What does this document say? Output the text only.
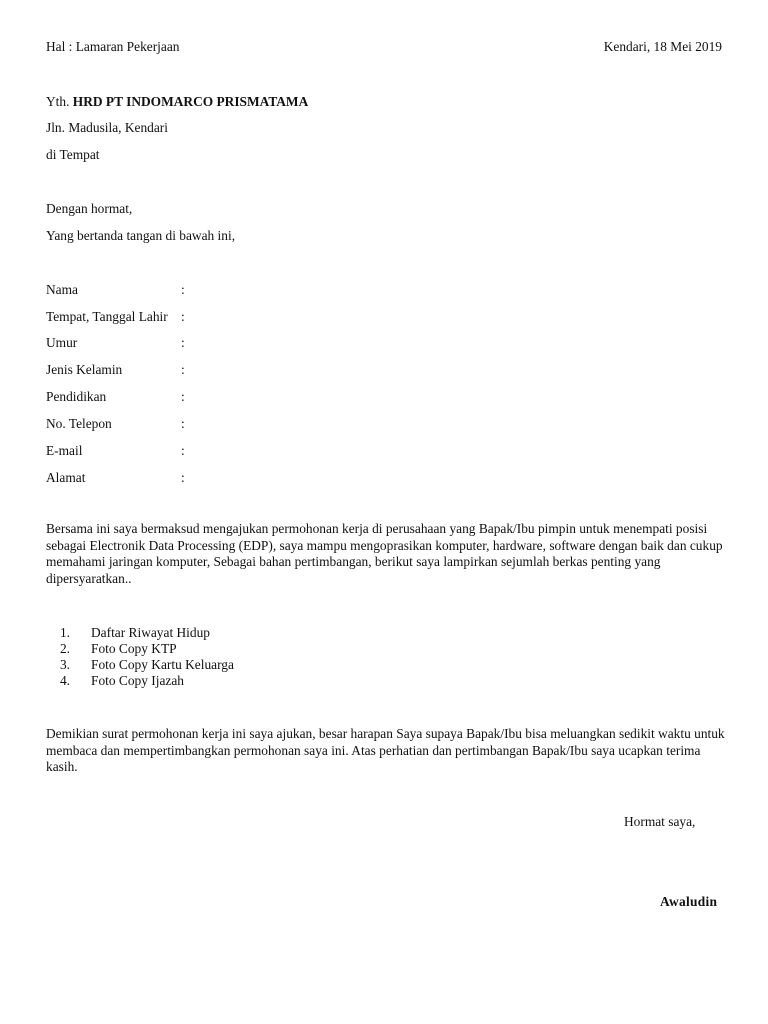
Hal : Lamaran Pekerjaan	Kendari, 18 Mei 2019
Yth. HRD PT INDOMARCO PRISMATAMA
Jln. Madusila, Kendari
di Tempat
Dengan hormat,
Yang bertanda tangan di bawah ini,
Nama	:
Tempat, Tanggal Lahir :
Umur	:
Jenis Kelamin	:
Pendidikan	:
No. Telepon	:
E-mail	:
Alamat	:
Bersama ini saya bermaksud mengajukan permohonan kerja di perusahaan yang Bapak/Ibu pimpin untuk menempati posisi sebagai Electronik Data Processing (EDP), saya mampu mengoprasikan komputer, hardware, software dengan baik dan cukup memahami jaringan komputer, Sebagai bahan pertimbangan, berikut saya lampirkan sejumlah berkas penting yang dipersyaratkan..
1. Daftar Riwayat Hidup
2. Foto Copy KTP
3. Foto Copy Kartu Keluarga
4. Foto Copy Ijazah
Demikian surat permohonan kerja ini saya ajukan, besar harapan Saya supaya Bapak/Ibu bisa meluangkan sedikit waktu untuk membaca dan mempertimbangkan permohonan saya ini. Atas perhatian dan pertimbangan Bapak/Ibu saya ucapkan terima kasih.
Hormat saya,
Awaludin
